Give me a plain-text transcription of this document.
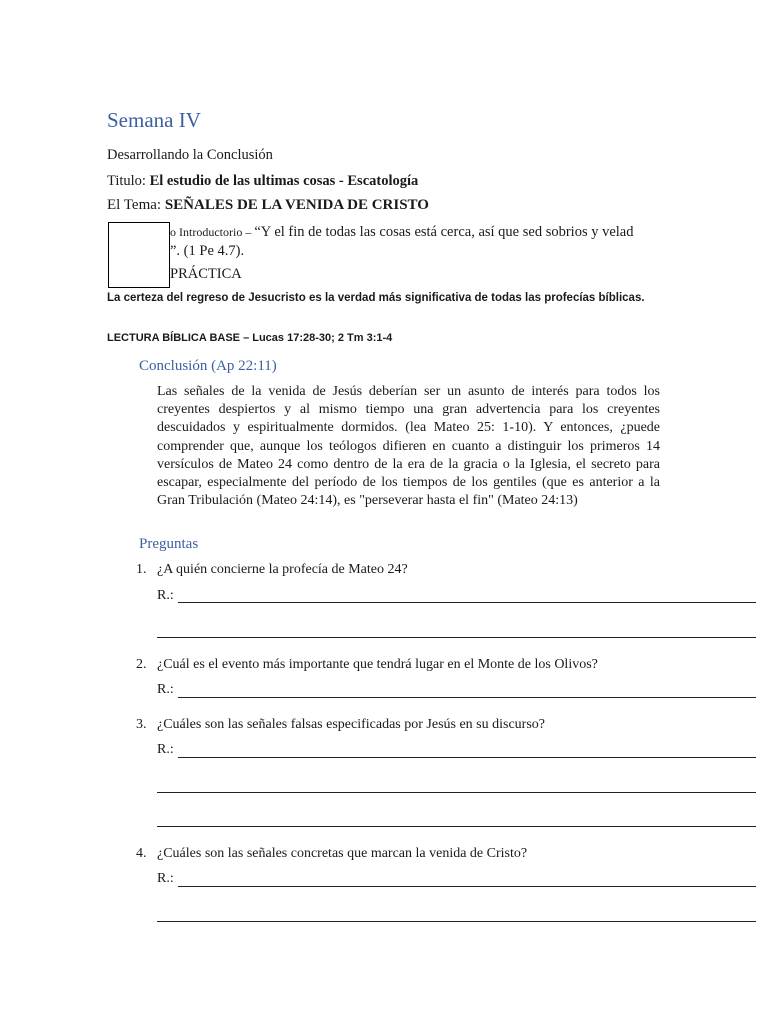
Semana IV
Desarrollando la Conclusión
Titulo: El estudio de las ultimas cosas - Escatología
El Tema: SEÑALES DE LA VENIDA DE CRISTO
o Introductorio – “Y el fin de todas las cosas está cerca, así que sed sobrios y velad
”. (1 Pe 4.7).
PRÁCTICA
La certeza del regreso de Jesucristo es la verdad más significativa de todas las profecías bíblicas.
LECTURA BÍBLICA BASE – Lucas 17:28-30; 2 Tm 3:1-4
Conclusión (Ap 22:11)
Las señales de la venida de Jesús deberían ser un asunto de interés para todos los creyentes despiertos y al mismo tiempo una gran advertencia para los creyentes descuidados y espiritualmente dormidos. (lea Mateo 25: 1-10). Y entonces, ¿puede comprender que, aunque los teólogos difieren en cuanto a distinguir los primeros 14 versículos de Mateo 24 como dentro de la era de la gracia o la Iglesia, el secreto para escapar, especialmente del período de los tiempos de los gentiles (que es anterior a la Gran Tribulación (Mateo 24:14), es "perseverar hasta el fin" (Mateo 24:13)
Preguntas
1. ¿A quién concierne la profecía de Mateo 24?
R.:
2. ¿Cuál es el evento más importante que tendrá lugar en el Monte de los Olivos?
R.:
3. ¿Cuáles son las señales falsas especificadas por Jesús en su discurso?
R.:
4. ¿Cuáles son las señales concretas que marcan la venida de Cristo?
R.:
